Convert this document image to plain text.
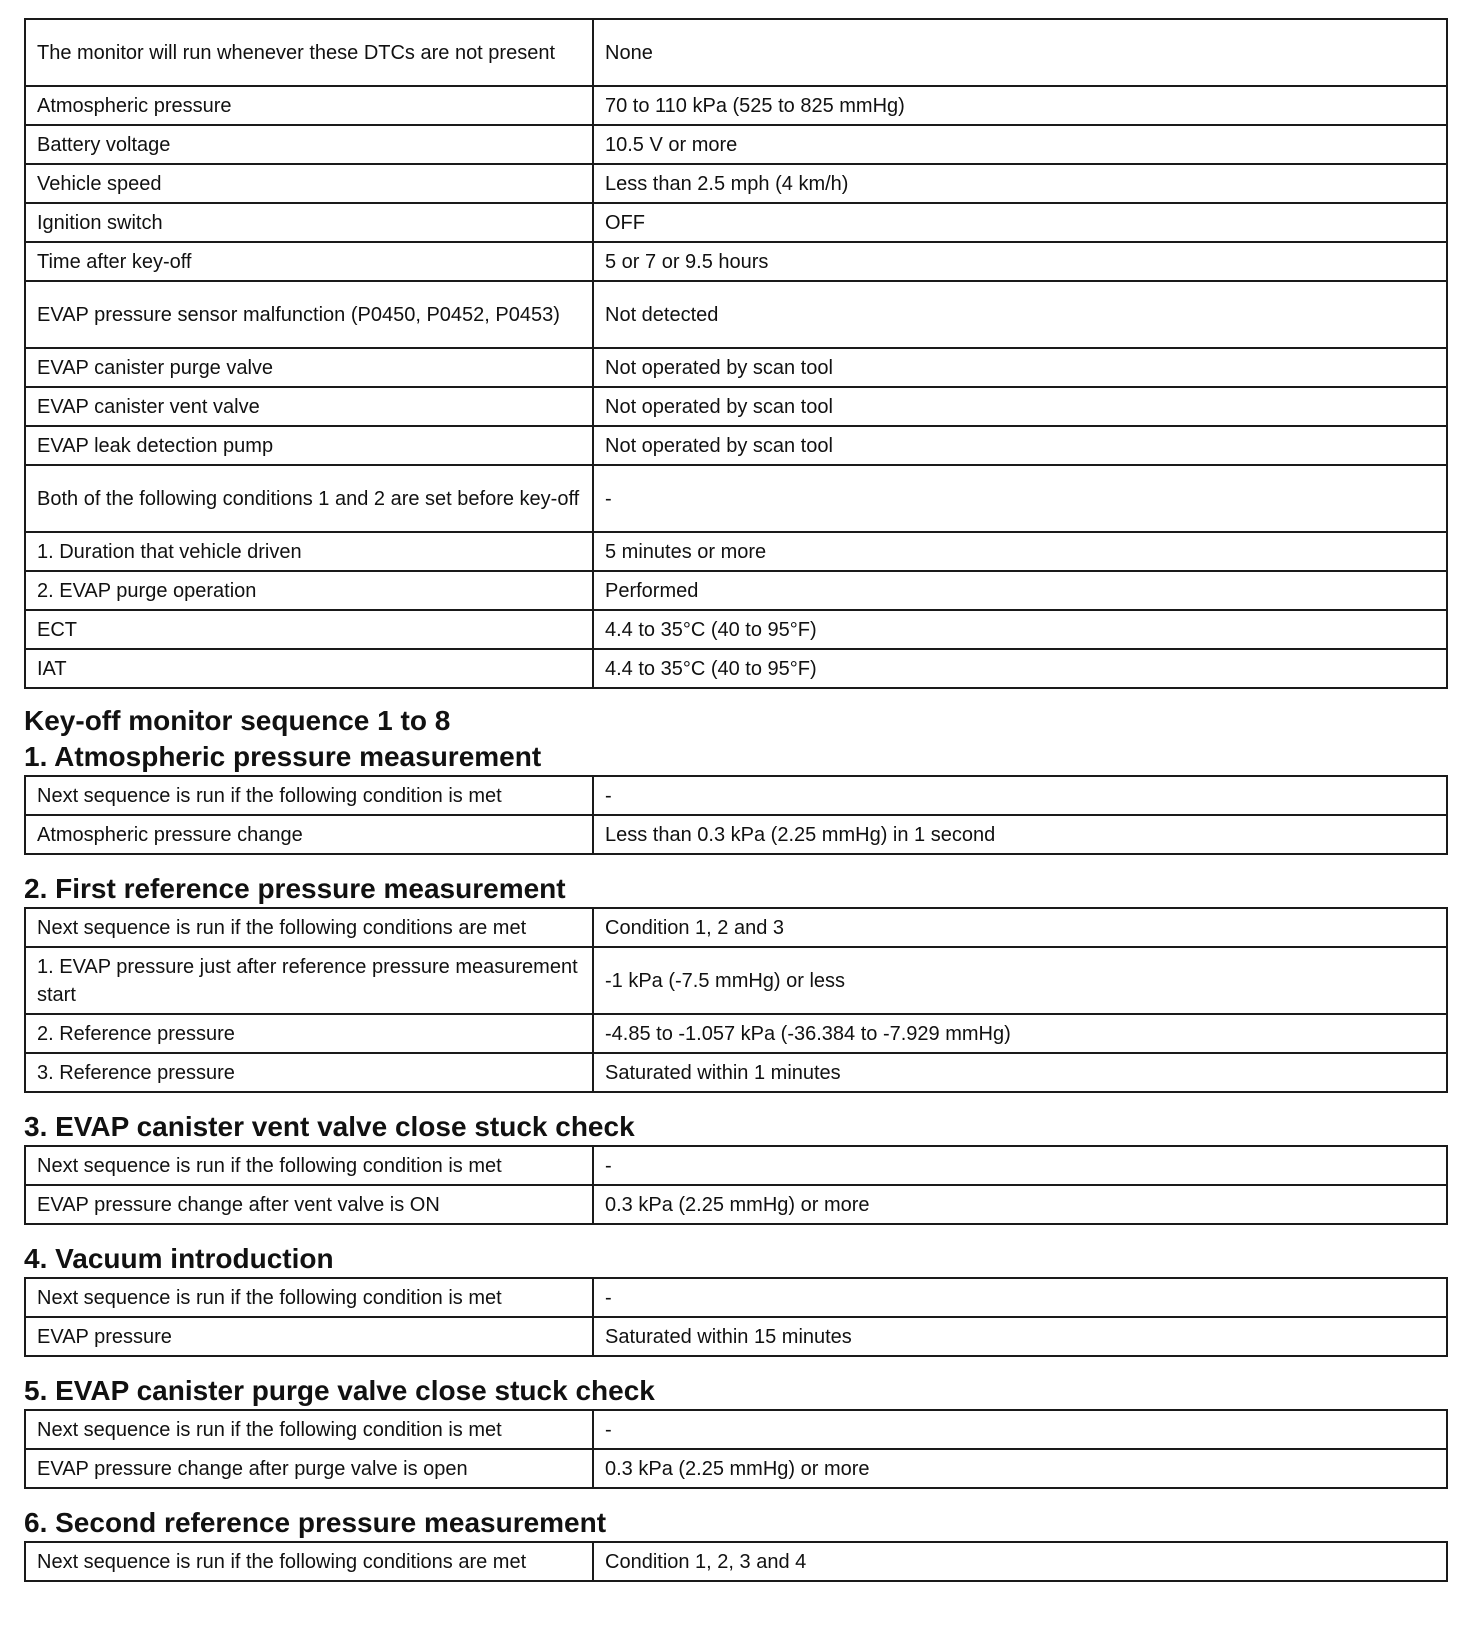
The monitor will run whenever these DTCs are not present	None
Atmospheric pressure	70 to 110 kPa (525 to 825 mmHg)
Battery voltage	10.5 V or more
Vehicle speed	Less than 2.5 mph (4 km/h)
Ignition switch	OFF
Time after key-off	5 or 7 or 9.5 hours
EVAP pressure sensor malfunction (P0450, P0452, P0453)	Not detected
EVAP canister purge valve	Not operated by scan tool
EVAP canister vent valve	Not operated by scan tool
EVAP leak detection pump	Not operated by scan tool
Both of the following conditions 1 and 2 are set before key-off	-
1. Duration that vehicle driven	5 minutes or more
2. EVAP purge operation	Performed
ECT	4.4 to 35°C (40 to 95°F)
IAT	4.4 to 35°C (40 to 95°F)
Key-off monitor sequence 1 to 8
1. Atmospheric pressure measurement
Next sequence is run if the following condition is met	-
Atmospheric pressure change	Less than 0.3 kPa (2.25 mmHg) in 1 second
2. First reference pressure measurement
Next sequence is run if the following conditions are met	Condition 1, 2 and 3
1. EVAP pressure just after reference pressure measurement start	-1 kPa (-7.5 mmHg) or less
2. Reference pressure	-4.85 to -1.057 kPa (-36.384 to -7.929 mmHg)
3. Reference pressure	Saturated within 1 minutes
3. EVAP canister vent valve close stuck check
Next sequence is run if the following condition is met	-
EVAP pressure change after vent valve is ON	0.3 kPa (2.25 mmHg) or more
4. Vacuum introduction
Next sequence is run if the following condition is met	-
EVAP pressure	Saturated within 15 minutes
5. EVAP canister purge valve close stuck check
Next sequence is run if the following condition is met	-
EVAP pressure change after purge valve is open	0.3 kPa (2.25 mmHg) or more
6. Second reference pressure measurement
Next sequence is run if the following conditions are met	Condition 1, 2, 3 and 4
